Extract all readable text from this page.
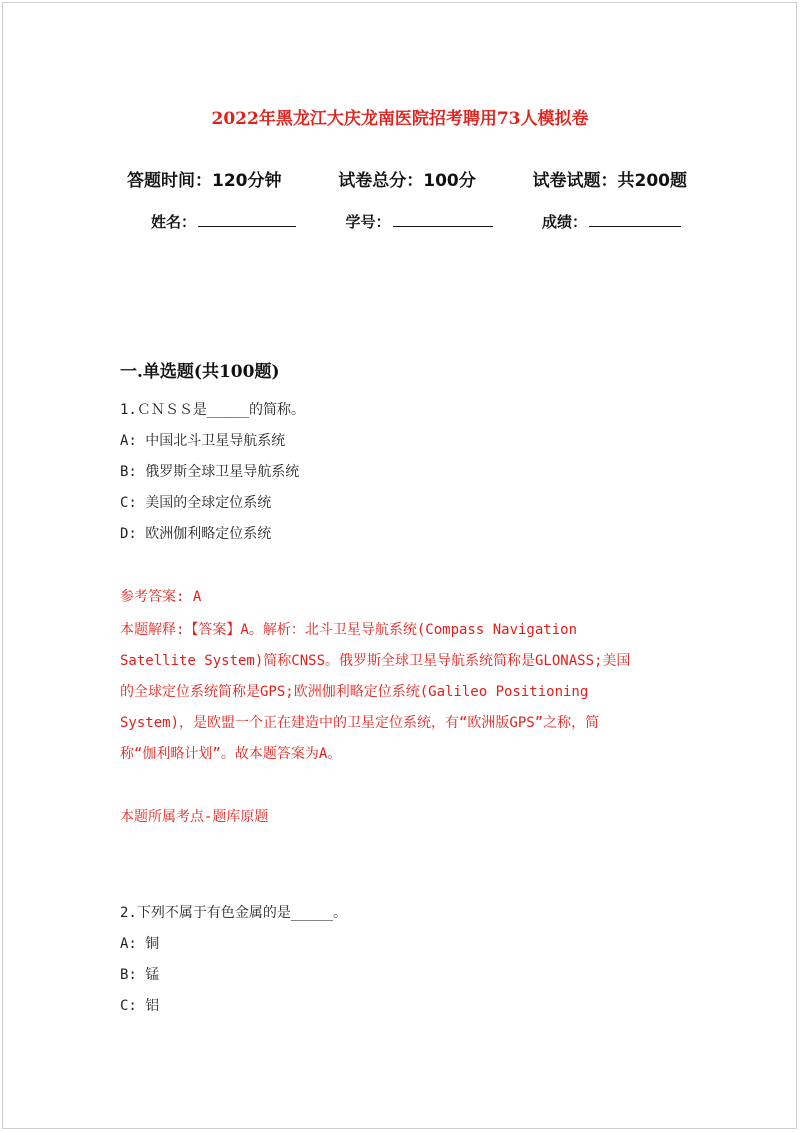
2022年黑龙江大庆龙南医院招考聘用73人模拟卷
答题时间：120分钟	试卷总分：100分	试卷试题：共200题
姓名：	学号：	成绩：
一.单选题(共100题)
1.ＣＮＳＳ是_____的简称。
A: 中国北斗卫星导航系统
B: 俄罗斯全球卫星导航系统
C: 美国的全球定位系统
D: 欧洲伽利略定位系统
参考答案: A
本题解释:【答案】A。解析：北斗卫星导航系统(Compass Navigation
Satellite System)简称CNSS。俄罗斯全球卫星导航系统简称是GLONASS;美国
的全球定位系统简称是GPS;欧洲伽利略定位系统(Galileo Positioning
System)，是欧盟一个正在建造中的卫星定位系统，有“欧洲版GPS”之称，简
称“伽利略计划”。故本题答案为A。
本题所属考点-题库原题
2.下列不属于有色金属的是_____。
A: 铜
B: 锰
C: 铝
